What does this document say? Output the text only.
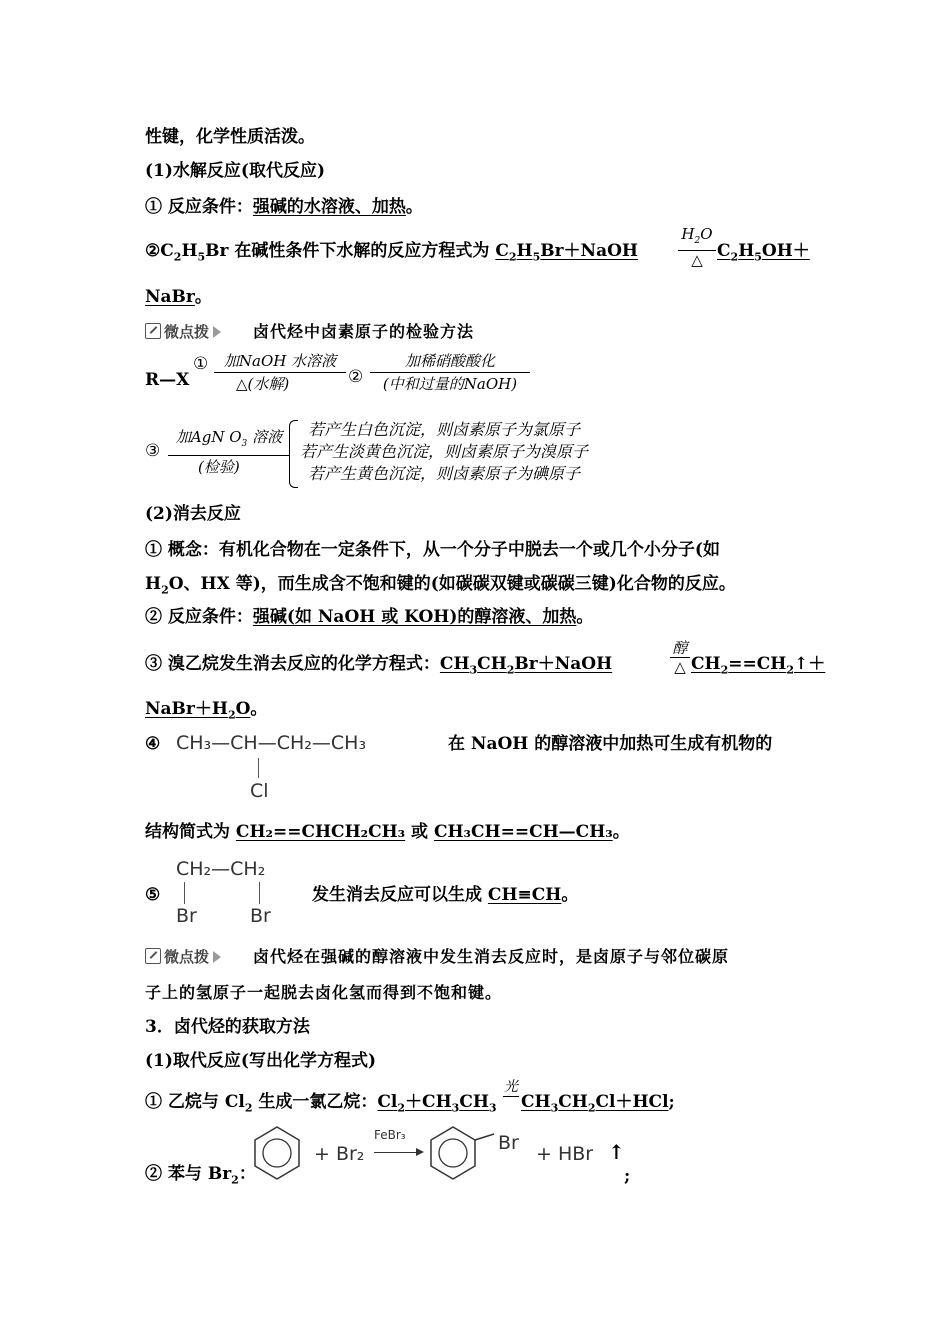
性键，化学性质活泼。
(1)水解反应(取代反应)
① 反应条件：强碱的水溶液、加热。
$②C_2H_5Br$ 在碱性条件下水解的反应方程式为 $C_2H_5Br+NaOH$
$H_2O$
△ $C_2H_5OH+$
NaBr。
微点拨	卤代烃中卤素原子的检验方法
R—X
①	加NaOH 水溶液
△(水解)	②
加稀硝酸酸化
(中和过量的NaOH)
③
加AgN $O_3$ 溶液
(检验)
若产生白色沉淀，则卤素原子为氯原子
若产生淡黄色沉淀，则卤素原子为溴原子
若产生黄色沉淀，则卤素原子为碘原子
(2)消去反应
① 概念：有机化合物在一定条件下，从一个分子中脱去一个或几个小分子(如
$H_2O$、HX 等)，而生成含不饱和键的(如碳碳双键或碳碳三键)化合物的反应。
② 反应条件：强碱(如 NaOH 或 KOH)的醇溶液、加热。
③ 溴乙烷发生消去反应的化学方程式：$CH_3CH_2Br+NaOH$
醇
△ $CH_2==CH_2↑+$
$NaBr+H_2O$。
④ CH₃—CH—CH₂—CH₃
Cl
在 NaOH 的醇溶液中加热可生成有机物的
结构简式为 CH₂==CHCH₂CH₃ 或 CH₃CH==CH—CH₃。
CH₂—CH₂
Br	Br
⑤	发生消去反应可以生成 CH≡CH。
微点拨	卤代烃在强碱的醇溶液中发生消去反应时，是卤原子与邻位碳原
子上的氢原子一起脱去卤化氢而得到不饱和键。
3．卤代烃的获取方法
(1)取代反应(写出化学方程式)
① 乙烷与 $Cl_2$ 生成一氯乙烷：$Cl_2+CH_3CH_3$
光
$CH_3CH_2Cl+HCl$;
② 苯与 $Br_2$：
+ Br₂
FeBr₃	Br + HBr ↑
;
